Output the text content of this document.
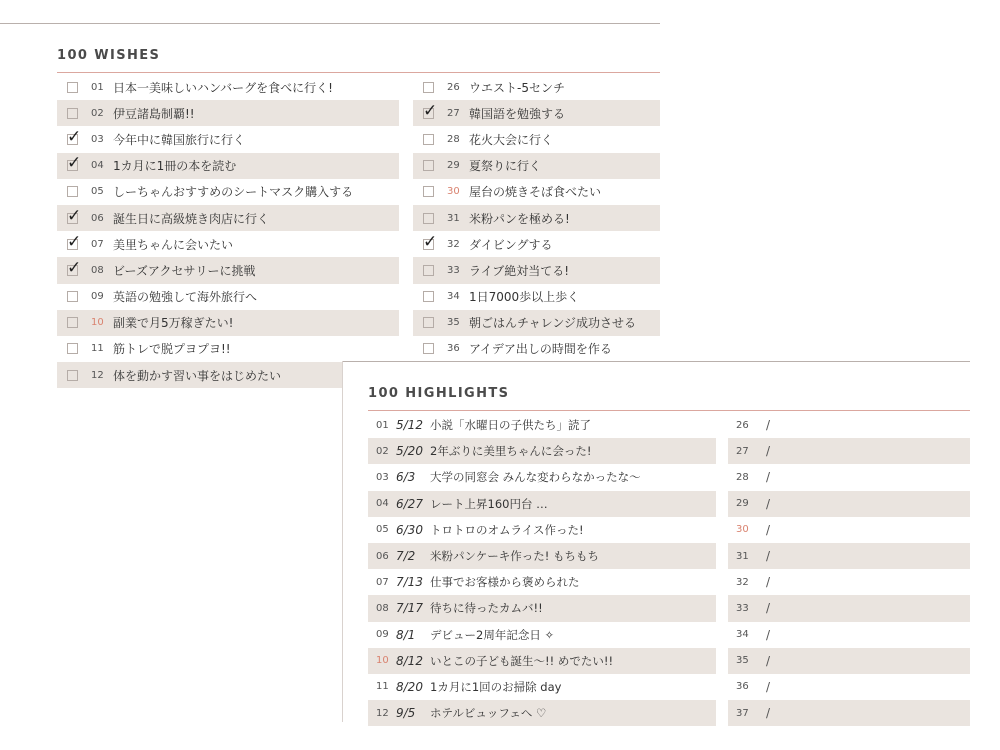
100 WISHES
01 日本一美味しいハンバーグを食べに行く!
02 伊豆諸島制覇!!
✓ 03 今年中に韓国旅行に行く
✓ 04 1カ月に1冊の本を読む
05 しーちゃんおすすめのシートマスク購入する
✓ 06 誕生日に高級焼き肉店に行く
✓ 07 美里ちゃんに会いたい
✓ 08 ビーズアクセサリーに挑戦
09 英語の勉強して海外旅行へ
10 副業で月5万稼ぎたい!
11 筋トレで脱プヨプヨ!!
12 体を動かす習い事をはじめたい
26 ウエスト-5センチ
✓ 27 韓国語を勉強する
28 花火大会に行く
29 夏祭りに行く
30 屋台の焼きそば食べたい
31 米粉パンを極める!
✓ 32 ダイビングする
33 ライブ絶対当てる!
34 1日7000歩以上歩く
35 朝ごはんチャレンジ成功させる
36 アイデア出しの時間を作る
100 HIGHLIGHTS
01 5/12 小説「水曜日の子供たち」読了
02 5/20 2年ぶりに美里ちゃんに会った!
03 6/3	大学の同窓会 みんな変わらなかったな〜
04 6/27 レート上昇160円台 …
05 6/30 トロトロのオムライス作った!
06 7/2	米粉パンケーキ作った! もちもち
07 7/13 仕事でお客様から褒められた
08 7/17 待ちに待ったカムバ!!
09 8/1	デビュー2周年記念日 ✧
10 8/12 いとこの子ども誕生〜!! めでたい!!
11 8/20 1カ月に1回のお掃除 day
12 9/5	ホテルビュッフェへ ♡
26	/
27	/
28	/
29	/
30	/
31	/
32	/
33	/
34	/
35	/
36	/
37	/
